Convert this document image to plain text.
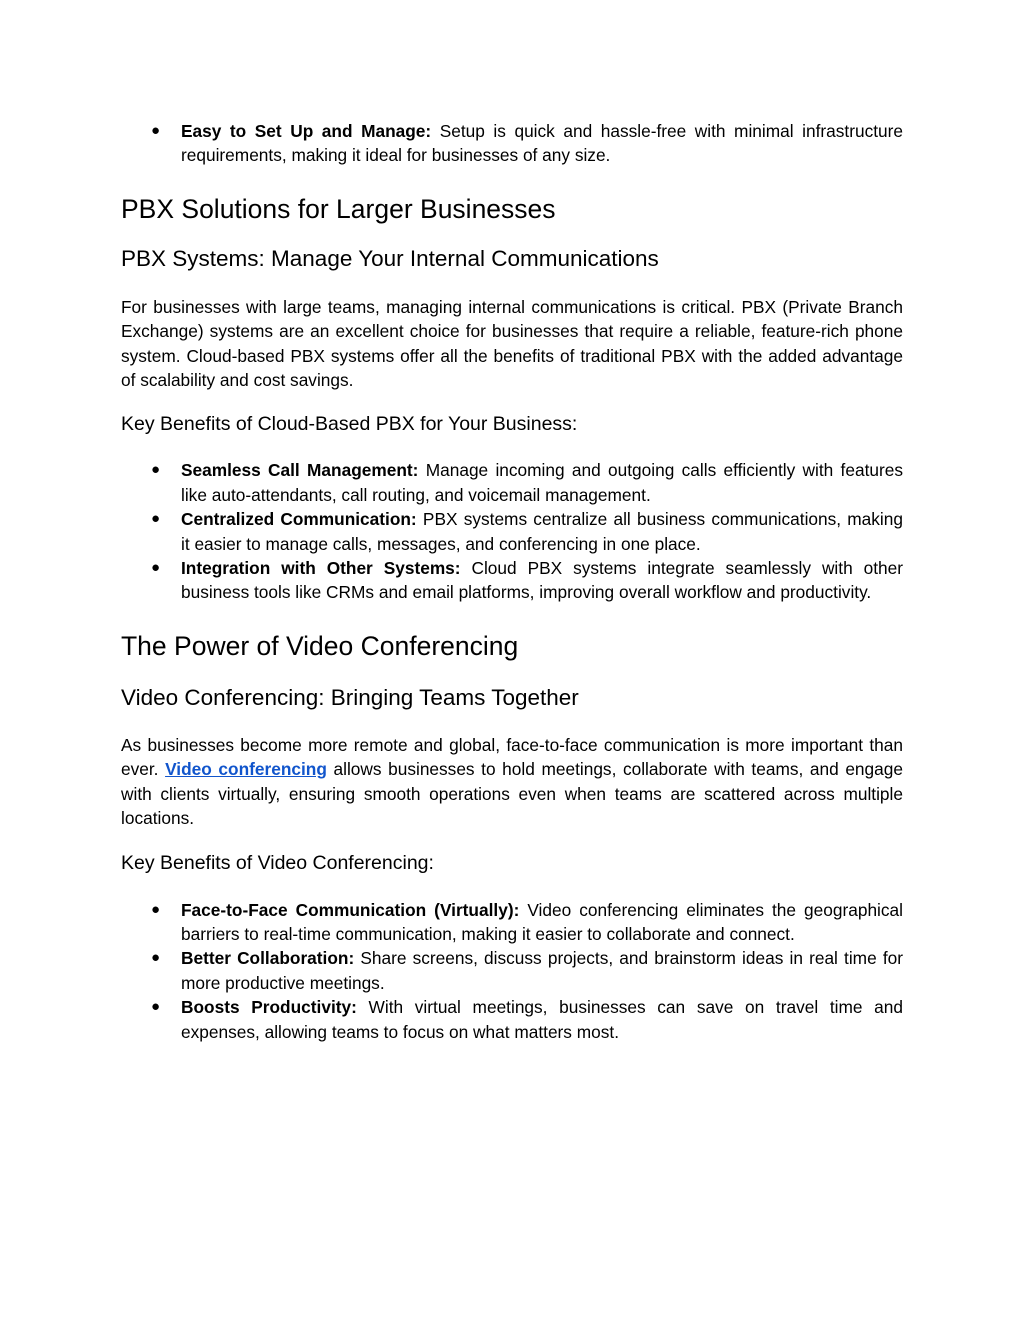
● Easy to Set Up and Manage: Setup is quick and hassle-free with minimal infrastructure requirements, making it ideal for businesses of any size.
PBX Solutions for Larger Businesses
PBX Systems: Manage Your Internal Communications

For businesses with large teams, managing internal communications is critical. PBX (Private Branch Exchange) systems are an excellent choice for businesses that require a reliable, feature-rich phone system. Cloud-based PBX systems offer all the benefits of traditional PBX with the added advantage of scalability and cost savings.

Key Benefits of Cloud-Based PBX for Your Business:
● Seamless Call Management: Manage incoming and outgoing calls efficiently with features like auto-attendants, call routing, and voicemail management.
● Centralized Communication: PBX systems centralize all business communications, making it easier to manage calls, messages, and conferencing in one place.
● Integration with Other Systems: Cloud PBX systems integrate seamlessly with other business tools like CRMs and email platforms, improving overall workflow and productivity.
The Power of Video Conferencing
Video Conferencing: Bringing Teams Together

As businesses become more remote and global, face-to-face communication is more important than ever. Video conferencing allows businesses to hold meetings, collaborate with teams, and engage with clients virtually, ensuring smooth operations even when teams are scattered across multiple locations.

Key Benefits of Video Conferencing:
● Face-to-Face Communication (Virtually): Video conferencing eliminates the geographical barriers to real-time communication, making it easier to collaborate and connect.
● Better Collaboration: Share screens, discuss projects, and brainstorm ideas in real time for more productive meetings.
● Boosts Productivity: With virtual meetings, businesses can save on travel time and expenses, allowing teams to focus on what matters most.
